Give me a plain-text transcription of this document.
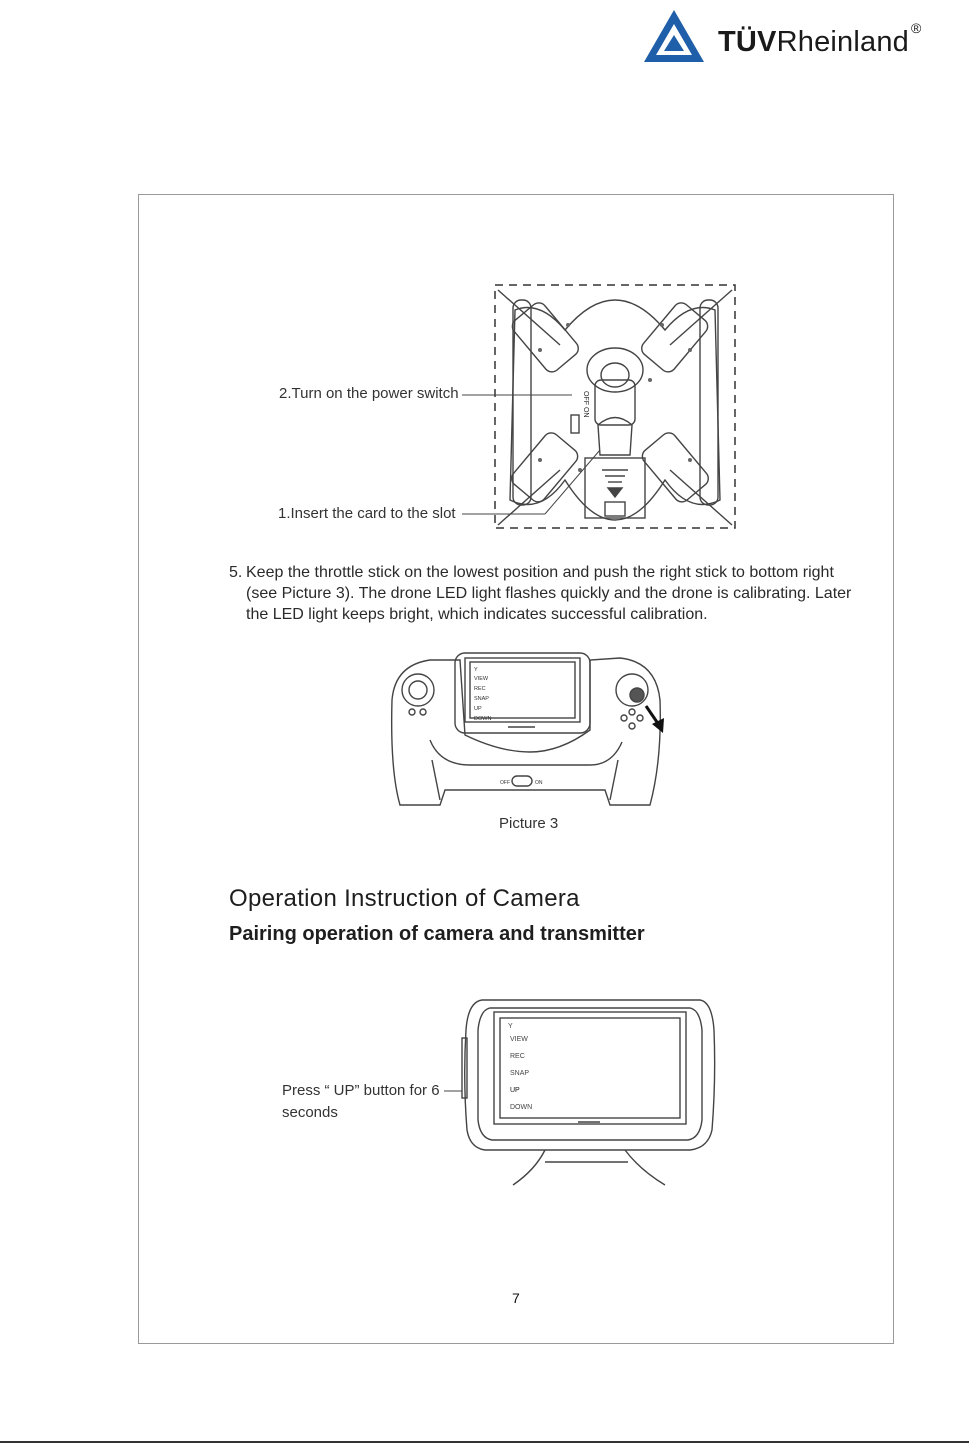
TÜVRheinland ®
OFF ON
2.Turn on the power switch
1.Insert the card to the slot
5. Keep the throttle stick on the lowest position and push the right stick to bottom right (see Picture 3). The drone LED light flashes quickly and the drone is calibrating. Later the LED light keeps bright, which indicates successful calibration.
Y
VIEW
REC
SNAP
UP
DOWN
OFF	ON
Picture 3
Operation Instruction of Camera
Pairing operation of camera and transmitter
Y
VIEW
REC
SNAP
UP
DOWN
Press “ UP” button for 6 seconds
7
